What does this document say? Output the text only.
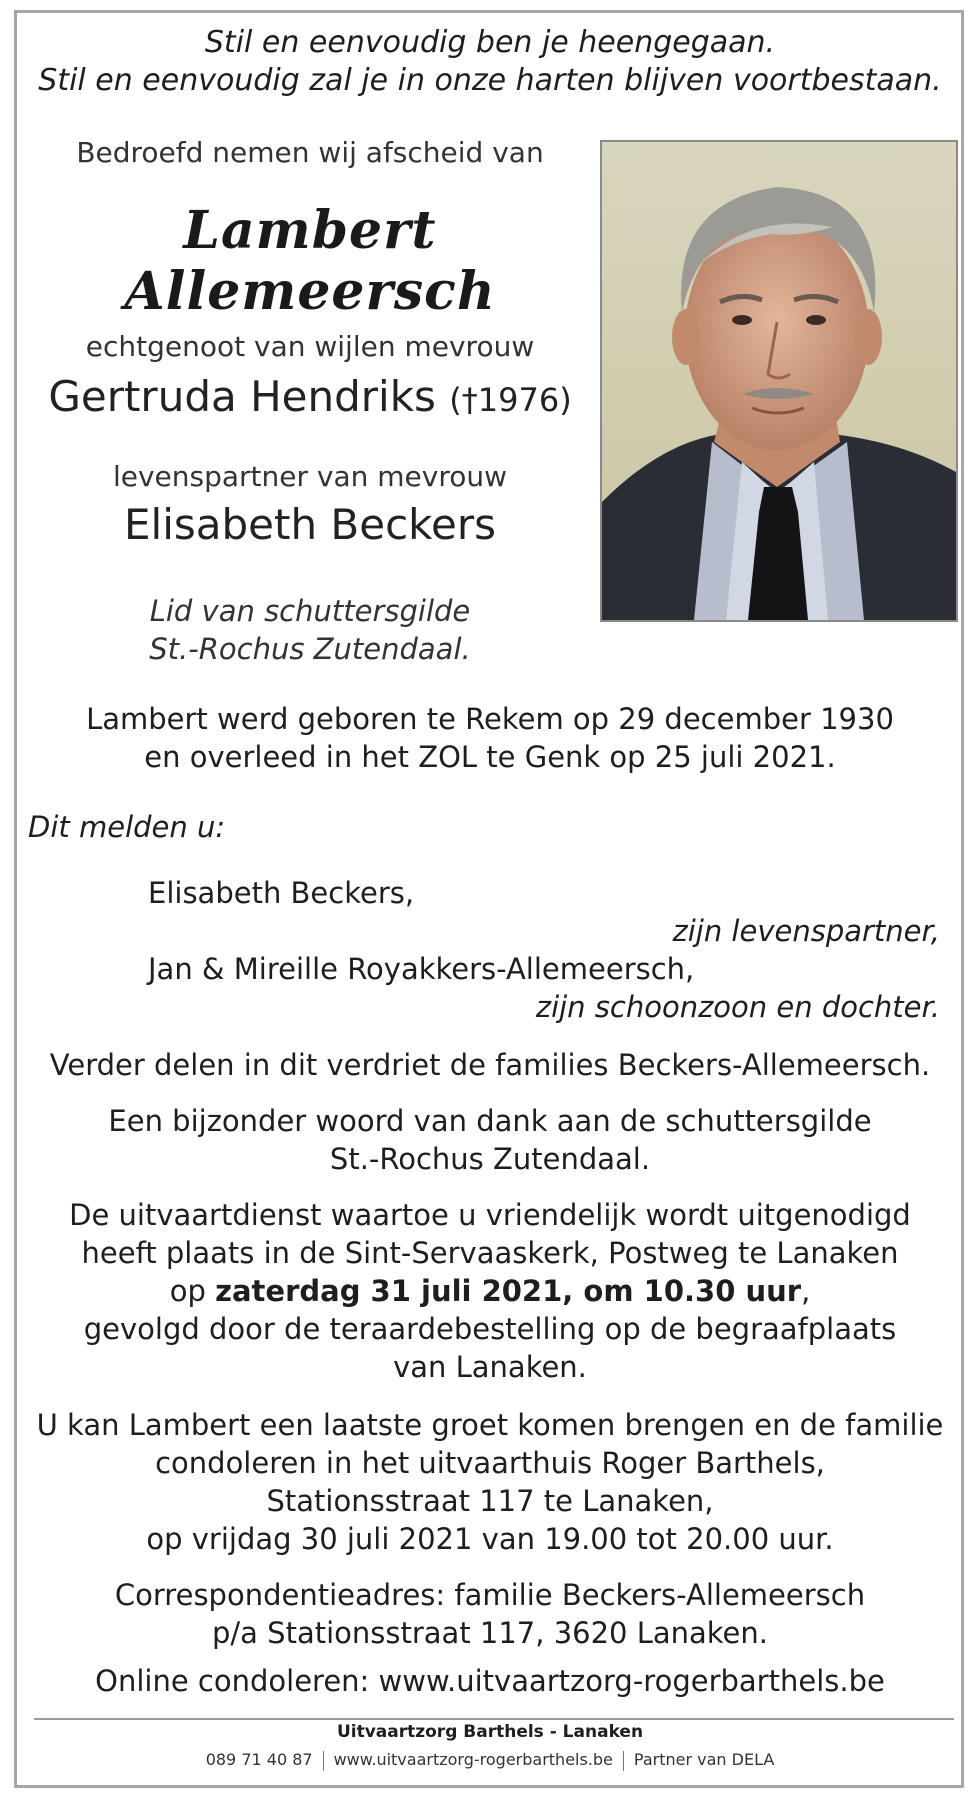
Stil en eenvoudig ben je heengegaan.
Stil en eenvoudig zal je in onze harten blijven voortbestaan.
Bedroefd nemen wij afscheid van
Lambert Allemeersch
echtgenoot van wijlen mevrouw
Gertruda Hendriks (†1976)
levenspartner van mevrouw
Elisabeth Beckers
Lid van schuttersgilde
St.-Rochus Zutendaal.
Lambert werd geboren te Rekem op 29 december 1930
en overleed in het ZOL te Genk op 25 juli 2021.
Dit melden u:
Elisabeth Beckers,
zijn levenspartner,
Jan & Mireille Royakkers-Allemeersch,
zijn schoonzoon en dochter.
Verder delen in dit verdriet de families Beckers-Allemeersch.
Een bijzonder woord van dank aan de schuttersgilde
St.-Rochus Zutendaal.
De uitvaartdienst waartoe u vriendelijk wordt uitgenodigd
heeft plaats in de Sint-Servaaskerk, Postweg te Lanaken
op zaterdag 31 juli 2021, om 10.30 uur,
gevolgd door de teraardebestelling op de begraafplaats
van Lanaken.
U kan Lambert een laatste groet komen brengen en de familie
condoleren in het uitvaarthuis Roger Barthels,
Stationsstraat 117 te Lanaken,
op vrijdag 30 juli 2021 van 19.00 tot 20.00 uur.
Correspondentieadres: familie Beckers-Allemeersch
p/a Stationsstraat 117, 3620 Lanaken.
Online condoleren: www.uitvaartzorg-rogerbarthels.be
Uitvaartzorg Barthels - Lanaken
089 71 40 87 www.uitvaartzorg-rogerbarthels.be Partner van DELA
